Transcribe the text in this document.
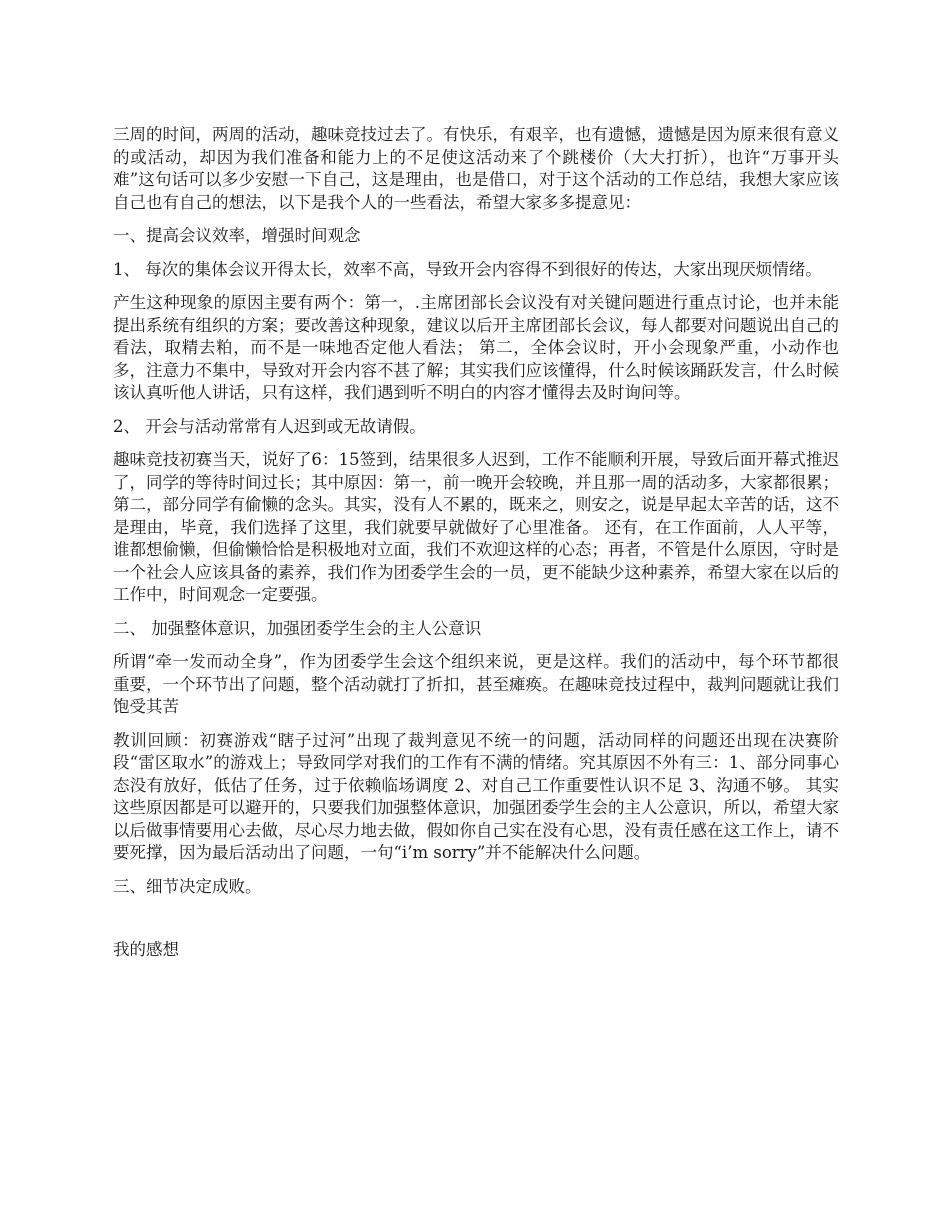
三周的时间，两周的活动，趣味竞技过去了。有快乐，有艰辛，也有遗憾，遗憾是因为原来很有意义的或活动，却因为我们准备和能力上的不足使这活动来了个跳楼价（大大打折），也许“万事开头难”这句话可以多少安慰一下自己，这是理由，也是借口，对于这个活动的工作总结，我想大家应该自己也有自己的想法，以下是我个人的一些看法，希望大家多多提意见：

一、提高会议效率，增强时间观念

1、 每次的集体会议开得太长，效率不高，导致开会内容得不到很好的传达，大家出现厌烦情绪。

产生这种现象的原因主要有两个：第一，.主席团部长会议没有对关键问题进行重点讨论，也并未能提出系统有组织的方案；要改善这种现象，建议以后开主席团部长会议，每人都要对问题说出自己的看法，取精去粕，而不是一味地否定他人看法； 第二，全体会议时，开小会现象严重，小动作也多，注意力不集中，导致对开会内容不甚了解；其实我们应该懂得，什么时候该踊跃发言，什么时候该认真听他人讲话，只有这样，我们遇到听不明白的内容才懂得去及时询问等。

2、 开会与活动常常有人迟到或无故请假。

趣味竞技初赛当天，说好了6：15签到，结果很多人迟到，工作不能顺利开展，导致后面开幕式推迟了，同学的等待时间过长；其中原因：第一，前一晚开会较晚，并且那一周的活动多，大家都很累；第二，部分同学有偷懒的念头。其实，没有人不累的，既来之，则安之，说是早起太辛苦的话，这不是理由，毕竟，我们选择了这里，我们就要早就做好了心里准备。 还有，在工作面前，人人平等，谁都想偷懒，但偷懒恰恰是积极地对立面，我们不欢迎这样的心态；再者，不管是什么原因，守时是一个社会人应该具备的素养，我们作为团委学生会的一员，更不能缺少这种素养，希望大家在以后的工作中，时间观念一定要强。

二、 加强整体意识，加强团委学生会的主人公意识

所谓“牵一发而动全身”，作为团委学生会这个组织来说，更是这样。我们的活动中，每个环节都很重要，一个环节出了问题，整个活动就打了折扣，甚至瘫痪。在趣味竞技过程中，裁判问题就让我们饱受其苦

教训回顾：初赛游戏“瞎子过河”出现了裁判意见不统一的问题，活动同样的问题还出现在决赛阶段“雷区取水”的游戏上；导致同学对我们的工作有不满的情绪。究其原因不外有三：1、部分同事心态没有放好，低估了任务，过于依赖临场调度 2、对自己工作重要性认识不足 3、沟通不够。 其实这些原因都是可以避开的，只要我们加强整体意识，加强团委学生会的主人公意识，所以，希望大家以后做事情要用心去做，尽心尽力地去做，假如你自己实在没有心思，没有责任感在这工作上，请不要死撑，因为最后活动出了问题，一句“i’m sorry”并不能解决什么问题。

三、细节决定成败。

我的感想
